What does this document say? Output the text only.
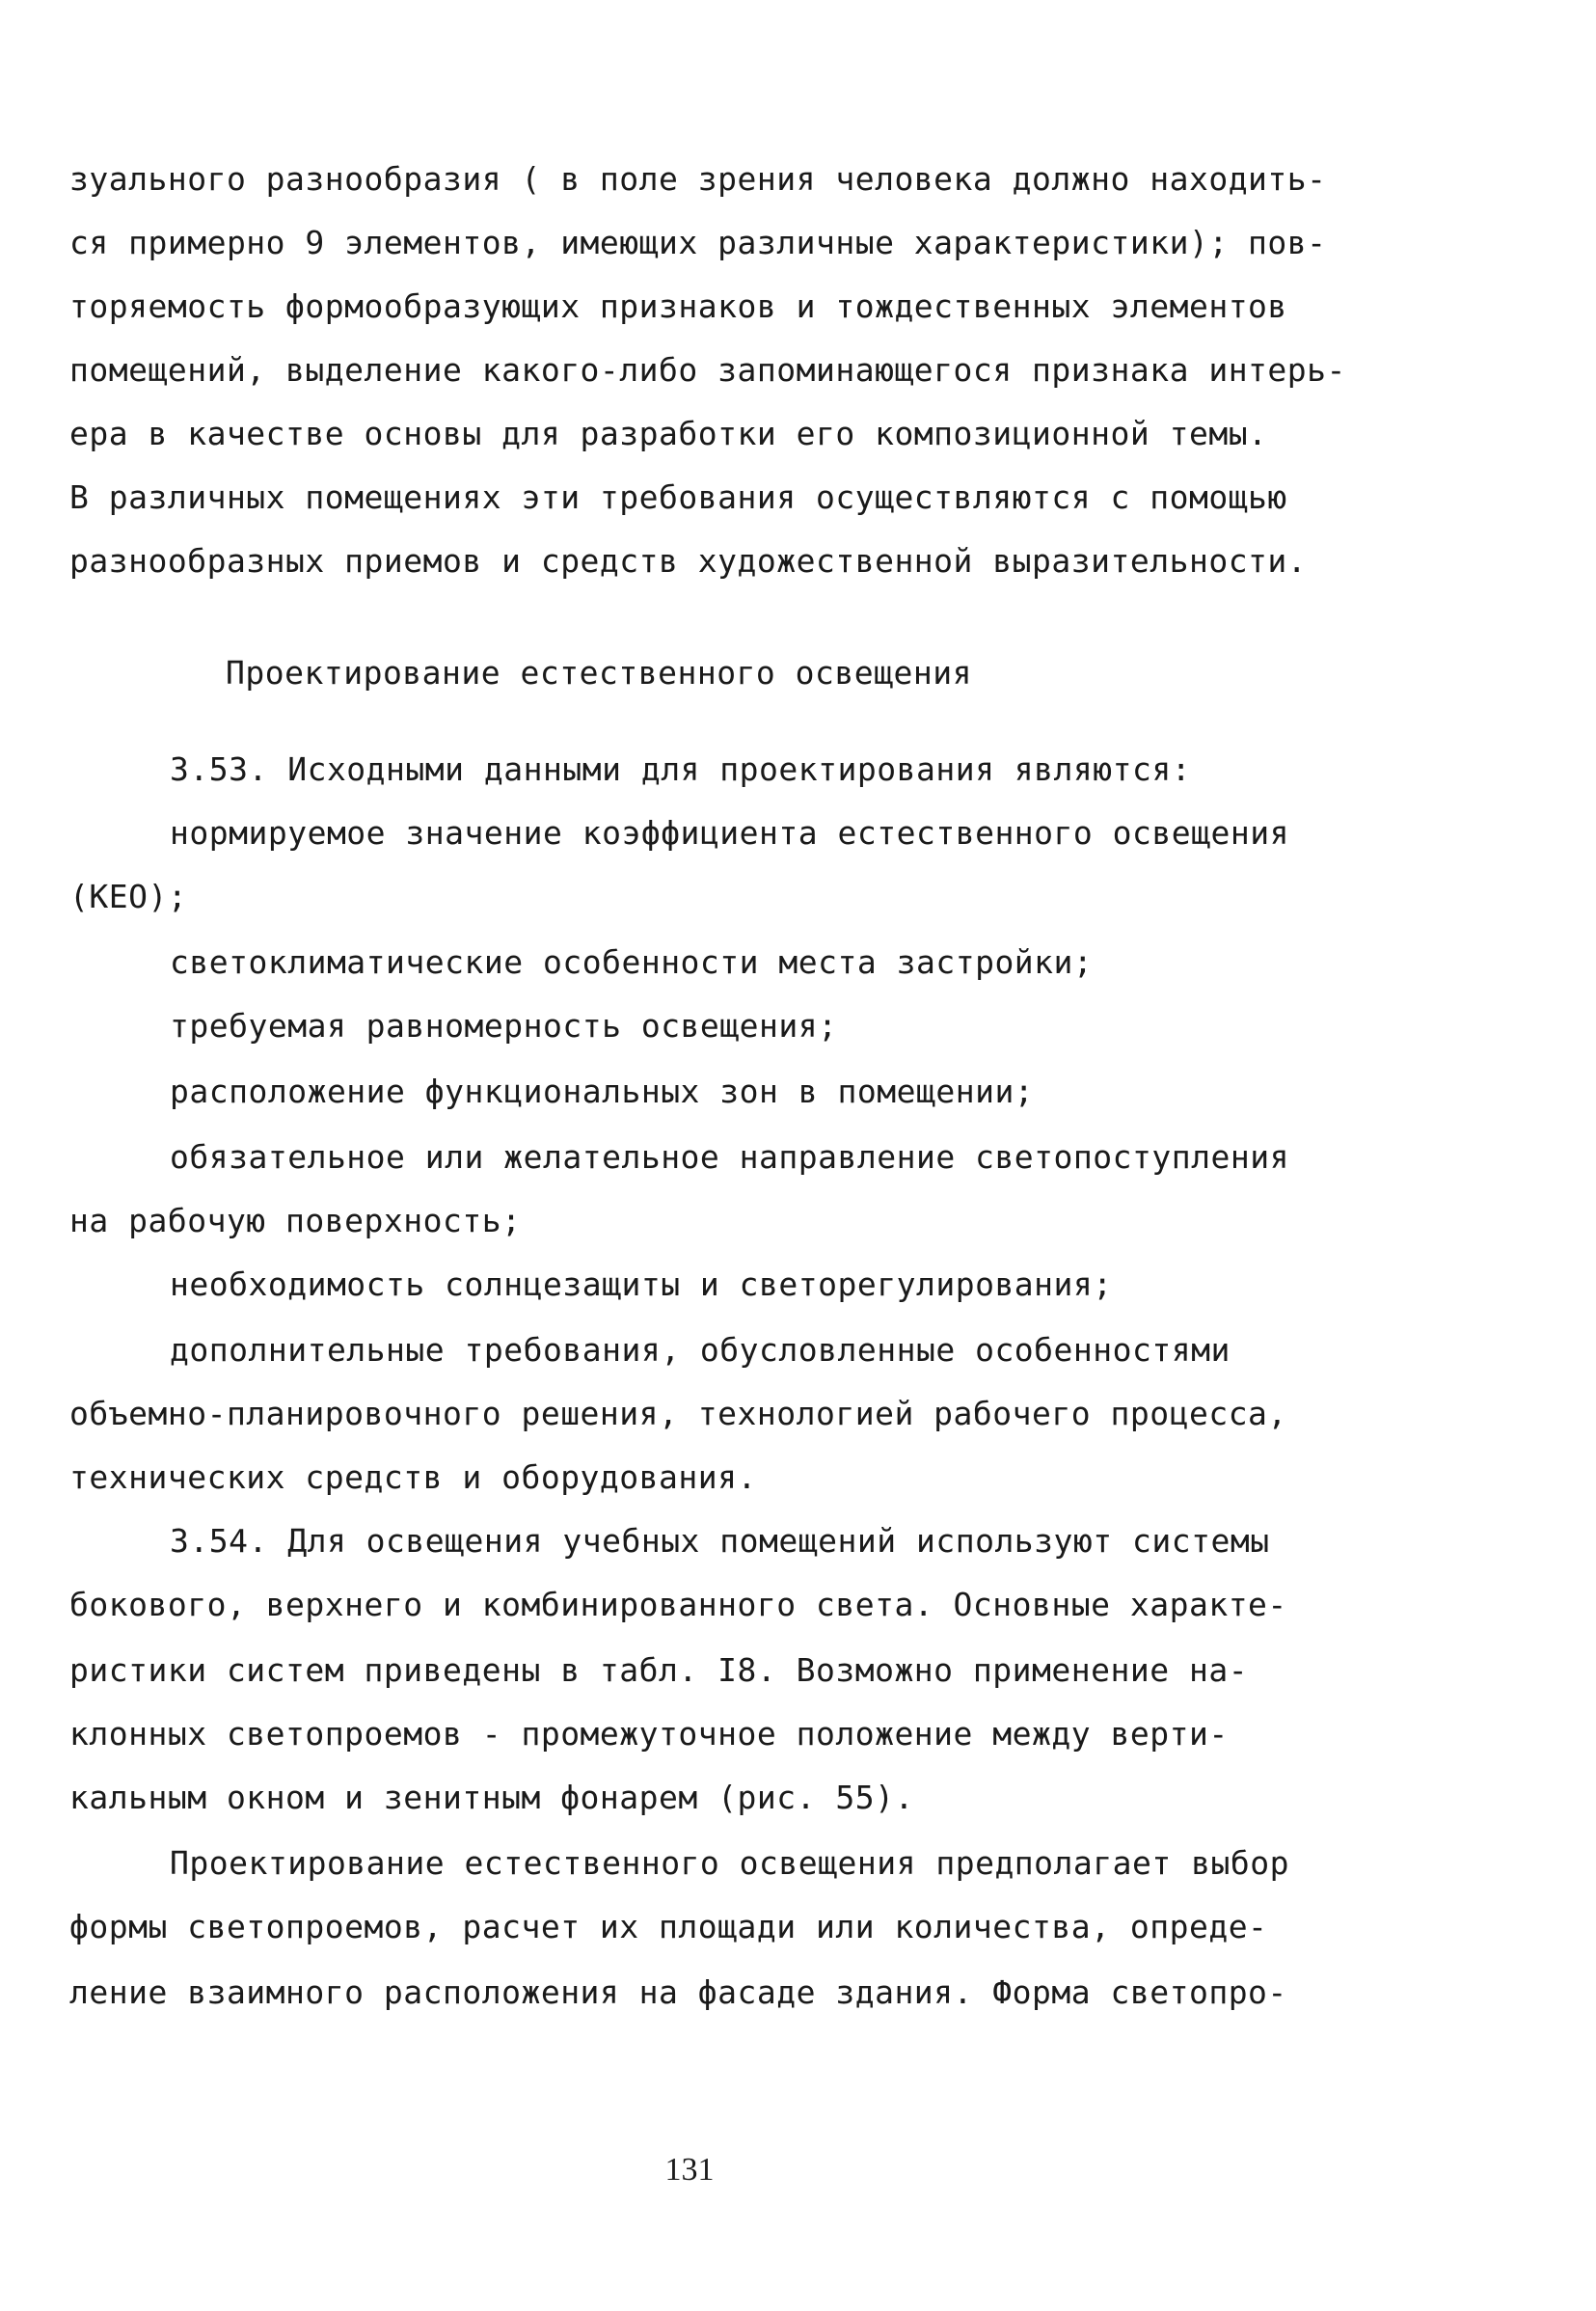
зуального разнообразия ( в поле зрения человека должно находить-
ся примерно 9 элементов, имеющих различные характеристики); пов-
торяемость формообразующих признаков и тождественных элементов
помещений, выделение какого-либо запоминающегося признака интерь-
ера в качестве основы для разработки его композиционной темы.
В различных помещениях эти требования осуществляются с помощью
разнообразных приемов и средств художественной выразительности.
Проектирование естественного освещения
3.53. Исходными данными для проектирования являются:
нормируемое значение коэффициента естественного освещения
(КЕО);
светоклиматические особенности места застройки;
требуемая равномерность освещения;
расположение функциональных зон в помещении;
обязательное или желательное направление светопоступления
на рабочую поверхность;
необходимость солнцезащиты и светорегулирования;
дополнительные требования, обусловленные особенностями
объемно-планировочного решения, технологией рабочего процесса,
технических средств и оборудования.
3.54. Для освещения учебных помещений используют системы
бокового, верхнего и комбинированного света. Основные характе-
ристики систем приведены в табл. I8. Возможно применение на-
клонных светопроемов - промежуточное положение между верти-
кальным окном и зенитным фонарем (рис. 55).
Проектирование естественного освещения предполагает выбор
формы светопроемов, расчет их площади или количества, опреде-
ление взаимного расположения на фасаде здания. Форма светопро-
131
